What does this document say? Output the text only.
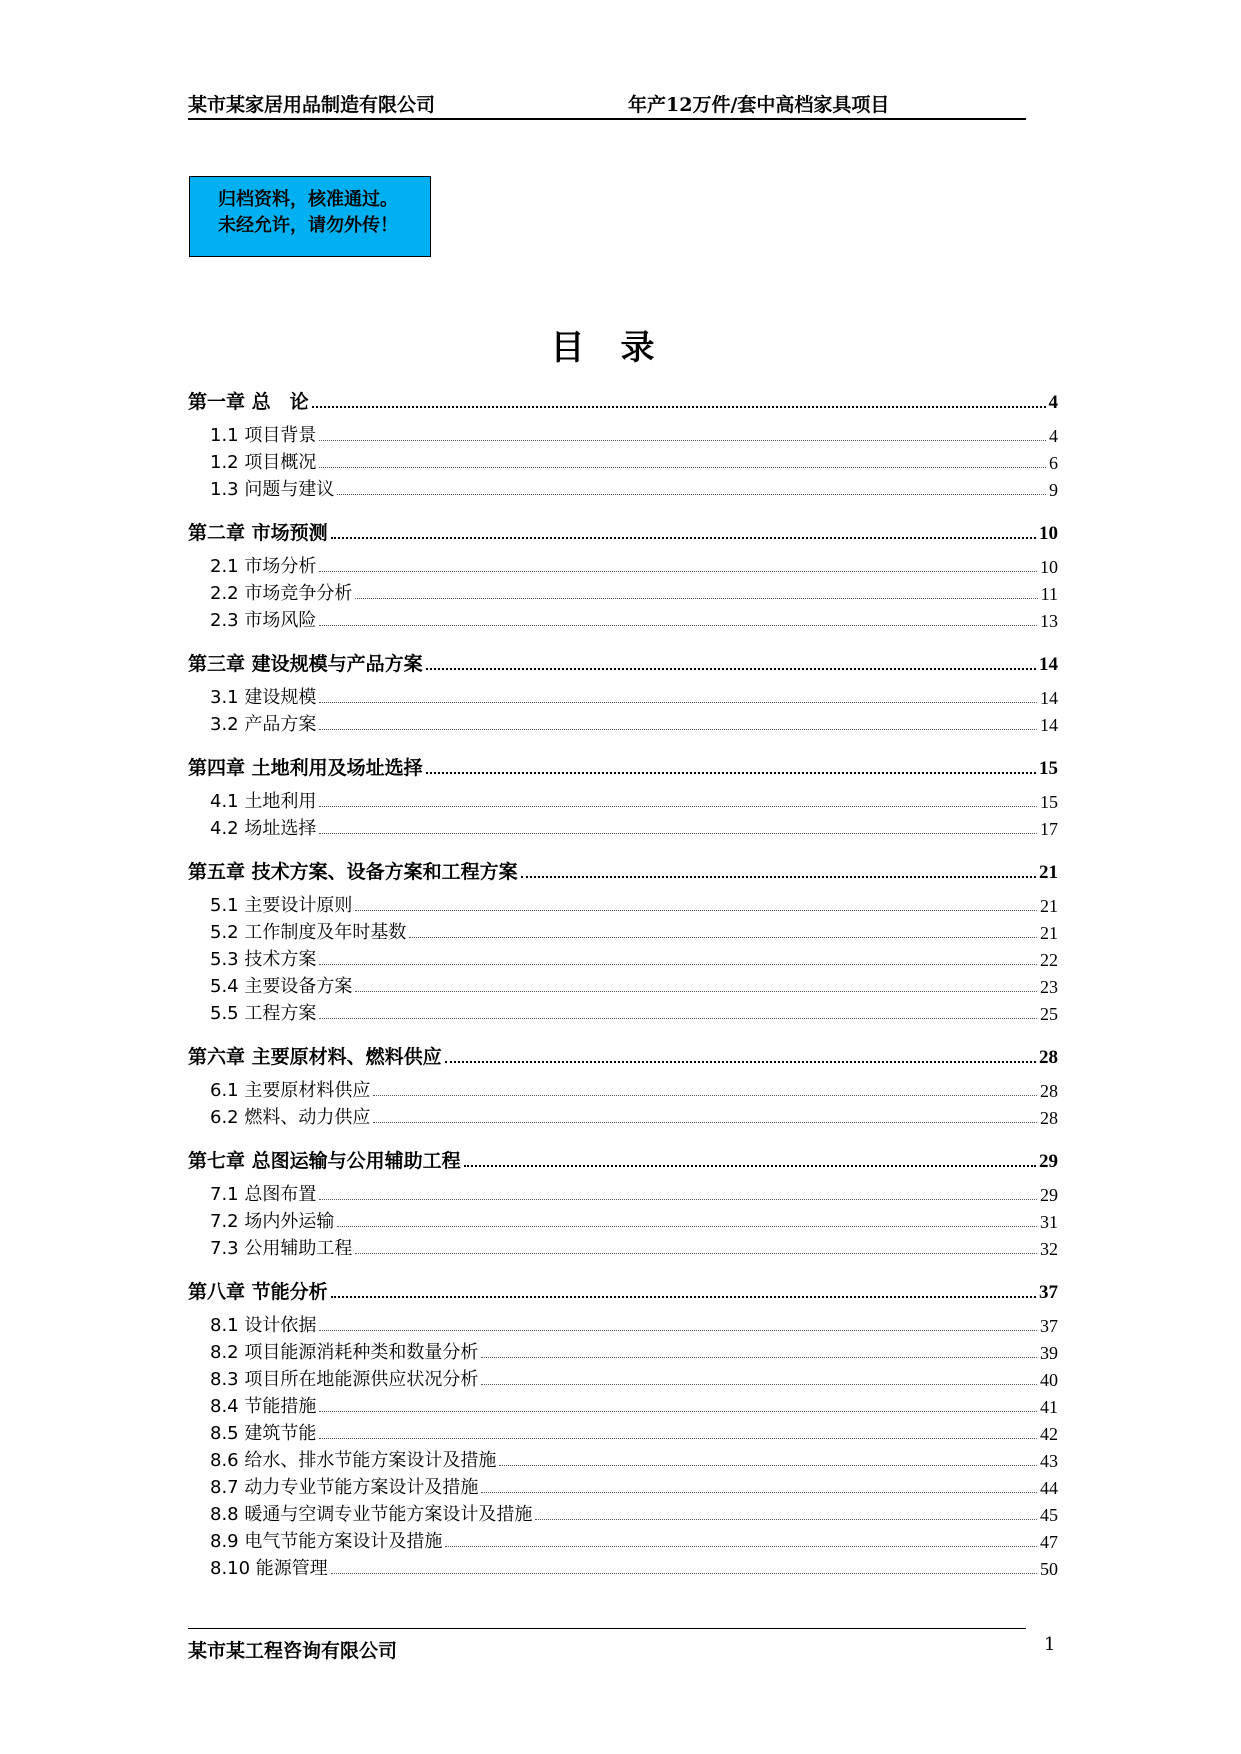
某市某家居用品制造有限公司	年产12万件/套中高档家具项目
归档资料，核准通过。
未经允许，请勿外传！
目录
第一章 总　论	4
1.1 项目背景	4
1.2 项目概况	6
1.3 问题与建议	9
第二章 市场预测	10
2.1 市场分析	10
2.2 市场竞争分析	11
2.3 市场风险	13
第三章 建设规模与产品方案	14
3.1 建设规模	14
3.2 产品方案	14
第四章 土地利用及场址选择	15
4.1 土地利用	15
4.2 场址选择	17
第五章 技术方案、设备方案和工程方案	21
5.1 主要设计原则	21
5.2 工作制度及年时基数	21
5.3 技术方案	22
5.4 主要设备方案	23
5.5 工程方案	25
第六章 主要原材料、燃料供应	28
6.1 主要原材料供应	28
6.2 燃料、动力供应	28
第七章 总图运输与公用辅助工程	29
7.1 总图布置	29
7.2 场内外运输	31
7.3 公用辅助工程	32
第八章 节能分析	37
8.1 设计依据	37
8.2 项目能源消耗种类和数量分析	39
8.3 项目所在地能源供应状况分析	40
8.4 节能措施	41
8.5 建筑节能	42
8.6 给水、排水节能方案设计及措施	43
8.7 动力专业节能方案设计及措施	44
8.8 暖通与空调专业节能方案设计及措施	45
8.9 电气节能方案设计及措施	47
8.10 能源管理	50
某市某工程咨询有限公司	1
